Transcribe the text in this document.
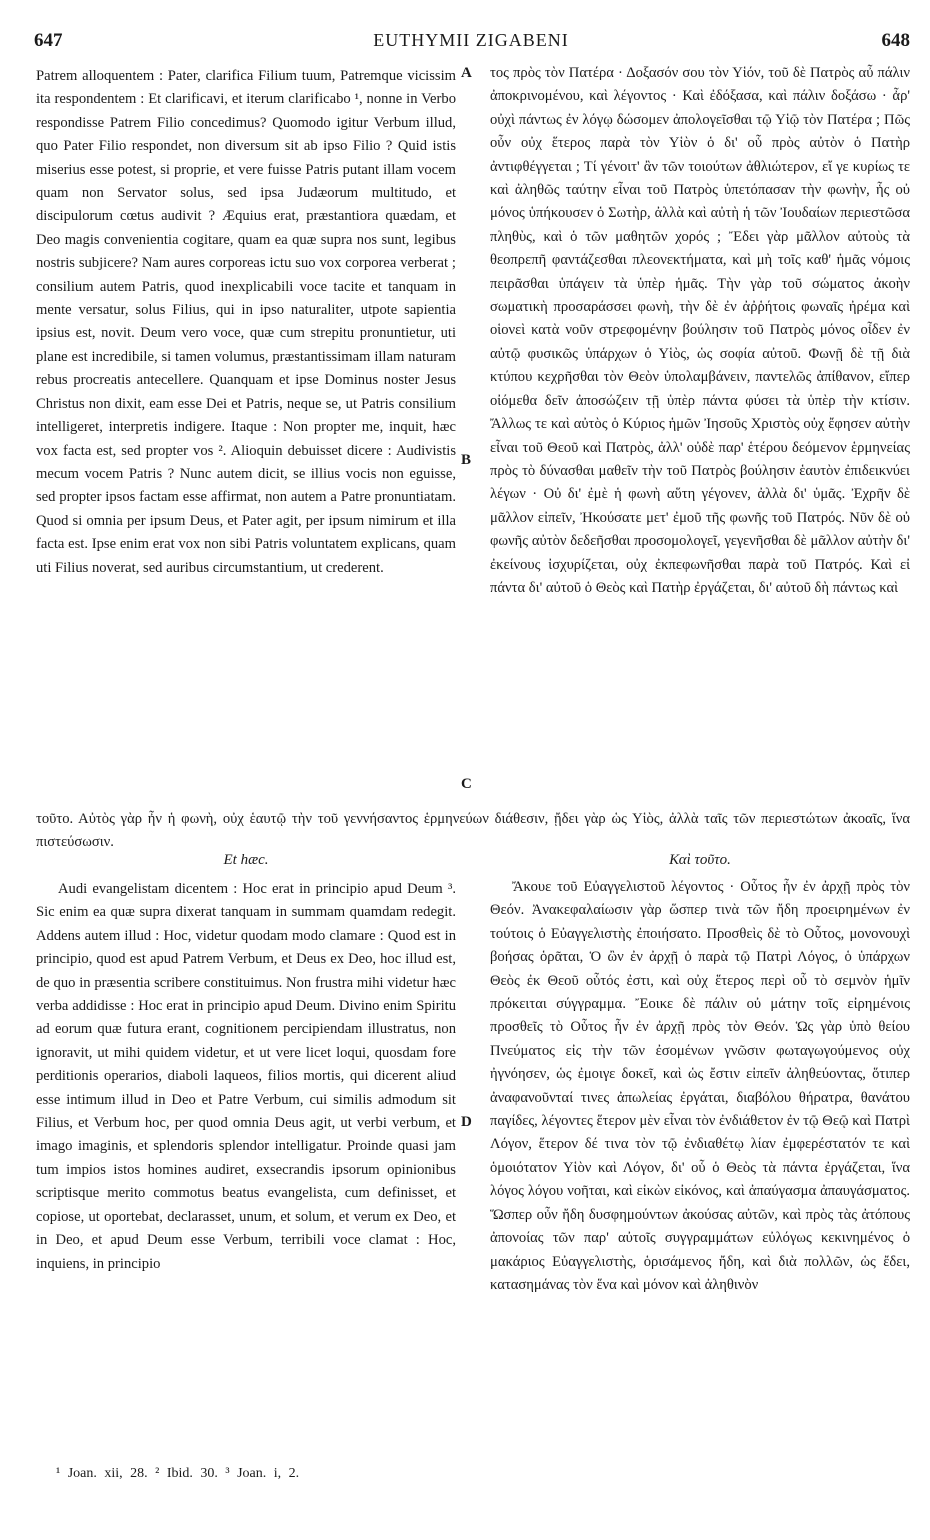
647	EUTHYMII ZIGABENI	648

Patrem alloquentem : Pater, clarifica Filium tuum, Patremque vicissim ita respondentem : Et clarificavi, et iterum clarificabo ¹, nonne in Verbo respondisse Patrem Filio concedimus? Quomodo igitur Verbum illud, quo Pater Filio respondet, non diversum sit ab ipso Filio ? Quid istis miserius esse potest, si proprie, et vere fuisse Patris putant illam vocem quam non Servator solus, sed ipsa Judæorum multitudo, et discipulorum cœtus audivit ? Æquius erat, præstantiora quædam, et Deo magis convenientia cogitare, quam ea quæ supra nos sunt, legibus nostris subjicere? Nam aures corporeas ictu suo vox corporea verberat ; consilium autem Patris, quod inexplicabili voce tacite et tanquam in mente versatur, solus Filius, qui in ipso naturaliter, utpote sapientia ipsius est, novit. Deum vero voce, quæ cum strepitu pronuntietur, uti plane est incredibile, si tamen volumus, præstantissimam illam naturam rebus procreatis antecellere. Quanquam et ipse Dominus noster Jesus Christus non dixit, eam esse Dei et Patris, neque se, ut Patris consilium intelligeret, interpretis indigere. Itaque : Non propter me, inquit, hæc vox facta est, sed propter vos ². Alioquin debuisset dicere : Audivistis mecum vocem Patris ? Nunc autem dicit, se illius vocis non eguisse, sed propter ipsos factam esse affirmat, non autem a Patre pronuntiatam. Quod si omnia per ipsum Deus, et Pater agit, per ipsum nimirum et illa facta est. Ipse enim erat vox non sibi Patris voluntatem explicans, quam uti Filius noverat, sed auribus circumstantium, ut crederent.

τος πρὸς τὸν Πατέρα · Δοξασόν σου τὸν Υἱόν, τοῦ δὲ Πατρὸς αὖ πάλιν ἀποκρινομένου, καὶ λέγοντος · Καὶ ἐδόξασα, καὶ πάλιν δοξάσω · ἆρ' οὐχὶ πάντως ἐν λόγῳ δώσομεν ἀπολογεῖσθαι τῷ Υἱῷ τὸν Πατέρα ; Πῶς οὖν οὐχ ἕτερος παρὰ τὸν Υἱὸν ὁ δι' οὗ πρὸς αὐτὸν ὁ Πατὴρ ἀντιφθέγγεται ; Τί γένοιτ' ἂν τῶν τοιούτων ἀθλιώτερον, εἴ γε κυρίως τε καὶ ἀληθῶς ταύτην εἶναι τοῦ Πατρὸς ὑπετόπασαν τὴν φωνὴν, ἧς οὐ μόνος ὑπήκουσεν ὁ Σωτὴρ, ἀλλὰ καὶ αὐτὴ ἡ τῶν Ἰουδαίων περιεστῶσα πληθὺς, καὶ ὁ τῶν μαθητῶν χορός ; Ἔδει γὰρ μᾶλλον αὐτοὺς τὰ θεοπρεπῆ φαντάζεσθαι πλεονεκτήματα, καὶ μὴ τοῖς καθ' ἡμᾶς νόμοις πειρᾶσθαι ὑπάγειν τὰ ὑπὲρ ἡμᾶς. Τὴν γὰρ τοῦ σώματος ἀκοὴν σωματικὴ προσαράσσει φωνὴ, τὴν δὲ ἐν ἀῤῥήτοις φωναῖς ἠρέμα καὶ οἱονεὶ κατὰ νοῦν στρεφομένην βούλησιν τοῦ Πατρὸς μόνος οἶδεν ἐν αὐτῷ φυσικῶς ὑπάρχων ὁ Υἱὸς, ὡς σοφία αὐτοῦ. Φωνῇ δὲ τῇ διὰ κτύπου κεχρῆσθαι τὸν Θεὸν ὑπολαμβάνειν, παντελῶς ἀπίθανον, εἴπερ οἰόμεθα δεῖν ἀποσώζειν τῇ ὑπὲρ πάντα φύσει τὰ ὑπὲρ τὴν κτίσιν. Ἄλλως τε καὶ αὐτὸς ὁ Κύριος ἡμῶν Ἰησοῦς Χριστὸς οὐχ ἔφησεν αὐτὴν εἶναι τοῦ Θεοῦ καὶ Πατρὸς, ἀλλ' οὐδὲ παρ' ἑτέρου δεόμενον ἑρμηνείας πρὸς τὸ δύνασθαι μαθεῖν τὴν τοῦ Πατρὸς βούλησιν ἑαυτὸν ἐπιδεικνύει λέγων · Οὐ δι' ἐμὲ ἡ φωνὴ αὕτη γέγονεν, ἀλλὰ δι' ὑμᾶς. Ἐχρῆν δὲ μᾶλλον εἰπεῖν, Ἠκούσατε μετ' ἐμοῦ τῆς φωνῆς τοῦ Πατρός. Νῦν δὲ οὐ φωνῆς αὐτὸν δεδεῆσθαι προσομολογεῖ, γεγενῆσθαι δὲ μᾶλλον αὐτὴν δι' ἐκείνους ἰσχυρίζεται, οὐχ ἐκπεφωνῆσθαι παρὰ τοῦ Πατρός. Καὶ εἰ πάντα δι' αὐτοῦ ὁ Θεὸς καὶ Πατὴρ ἐργάζεται, δι' αὐτοῦ δὴ πάντως καὶ

A
B
C
D
τοῦτο. Αὐτὸς γὰρ ἦν ἡ φωνὴ, οὐχ ἑαυτῷ τὴν τοῦ γεννήσαντος ἑρμηνεύων διάθεσιν, ᾔδει γὰρ ὡς Υἱὸς, ἀλλὰ ταῖς τῶν περιεστώτων ἀκοαῖς, ἵνα πιστεύσωσιν.
Et hæc.	Καὶ τοῦτο.

Audi evangelistam dicentem : Hoc erat in principio apud Deum ³. Sic enim ea quæ supra dixerat tanquam in summam quamdam redegit. Addens autem illud : Hoc, videtur quodam modo clamare : Quod est in principio, quod est apud Patrem Verbum, et Deus ex Deo, hoc illud est, de quo in præsentia scribere constituimus. Non frustra mihi videtur hæc verba addidisse : Hoc erat in principio apud Deum. Divino enim Spiritu ad eorum quæ futura erant, cognitionem percipiendam illustratus, non ignoravit, ut mihi quidem videtur, et ut vere licet loqui, quosdam fore perditionis operarios, diaboli laqueos, filios mortis, qui dicerent aliud esse intimum illud in Deo et Patre Verbum, cui similis admodum sit Filius, et Verbum hoc, per quod omnia Deus agit, ut verbi verbum, et imago imaginis, et splendoris splendor intelligatur. Proinde quasi jam tum impios istos homines audiret, exsecrandis ipsorum opinionibus scriptisque merito commotus beatus evangelista, cum definisset, et copiose, ut oportebat, declarasset, unum, et solum, et verum ex Deo, et in Deo, et apud Deum esse Verbum, terribili voce clamat : Hoc, inquiens, in principio

Ἄκουε τοῦ Εὐαγγελιστοῦ λέγοντος · Οὗτος ἦν ἐν ἀρχῇ πρὸς τὸν Θεόν. Ἀνακεφαλαίωσιν γὰρ ὥσπερ τινὰ τῶν ἤδη προειρημένων ἐν τούτοις ὁ Εὐαγγελιστὴς ἐποιήσατο. Προσθεὶς δὲ τὸ Οὗτος, μονονουχὶ βοήσας ὁρᾶται, Ὁ ὢν ἐν ἀρχῇ ὁ παρὰ τῷ Πατρὶ Λόγος, ὁ ὑπάρχων Θεὸς ἐκ Θεοῦ οὗτός ἐστι, καὶ οὐχ ἕτερος περὶ οὗ τὸ σεμνὸν ἡμῖν πρόκειται σύγγραμμα. Ἔοικε δὲ πάλιν οὐ μάτην τοῖς εἰρημένοις προσθεῖς τὸ Οὗτος ἦν ἐν ἀρχῇ πρὸς τὸν Θεόν. Ὡς γὰρ ὑπὸ θείου Πνεύματος εἰς τὴν τῶν ἐσομένων γνῶσιν φωταγωγούμενος οὐχ ἠγνόησεν, ὡς ἐμοιγε δοκεῖ, καὶ ὡς ἔστιν εἰπεῖν ἀληθεύοντας, ὅτιπερ ἀναφανοῦνταί τινες ἀπωλείας ἐργάται, διαβόλου θήρατρα, θανάτου παγίδες, λέγοντες ἕτερον μὲν εἶναι τὸν ἐνδιάθετον ἐν τῷ Θεῷ καὶ Πατρὶ Λόγον, ἕτερον δέ τινα τὸν τῷ ἐνδιαθέτῳ λίαν ἐμφερέστατόν τε καὶ ὁμοιότατον Υἱὸν καὶ Λόγον, δι' οὗ ὁ Θεὸς τὰ πάντα ἐργάζεται, ἵνα λόγος λόγου νοῆται, καὶ εἰκὼν εἰκόνος, καὶ ἀπαύγασμα ἀπαυγάσματος. Ὥσπερ οὖν ἤδη δυσφημούντων ἀκούσας αὐτῶν, καὶ πρὸς τὰς ἀτόπους ἀπονοίας τῶν παρ' αὐτοῖς συγγραμμάτων εὐλόγως κεκινημένος ὁ μακάριος Εὐαγγελιστὴς, ὁρισάμενος ἤδη, καὶ διὰ πολλῶν, ὡς ἔδει, κατασημάνας τὸν ἕνα καὶ μόνον καὶ ἀληθινὸν

¹ Joan. xii, 28. ² Ibid. 30. ³ Joan. i, 2.
